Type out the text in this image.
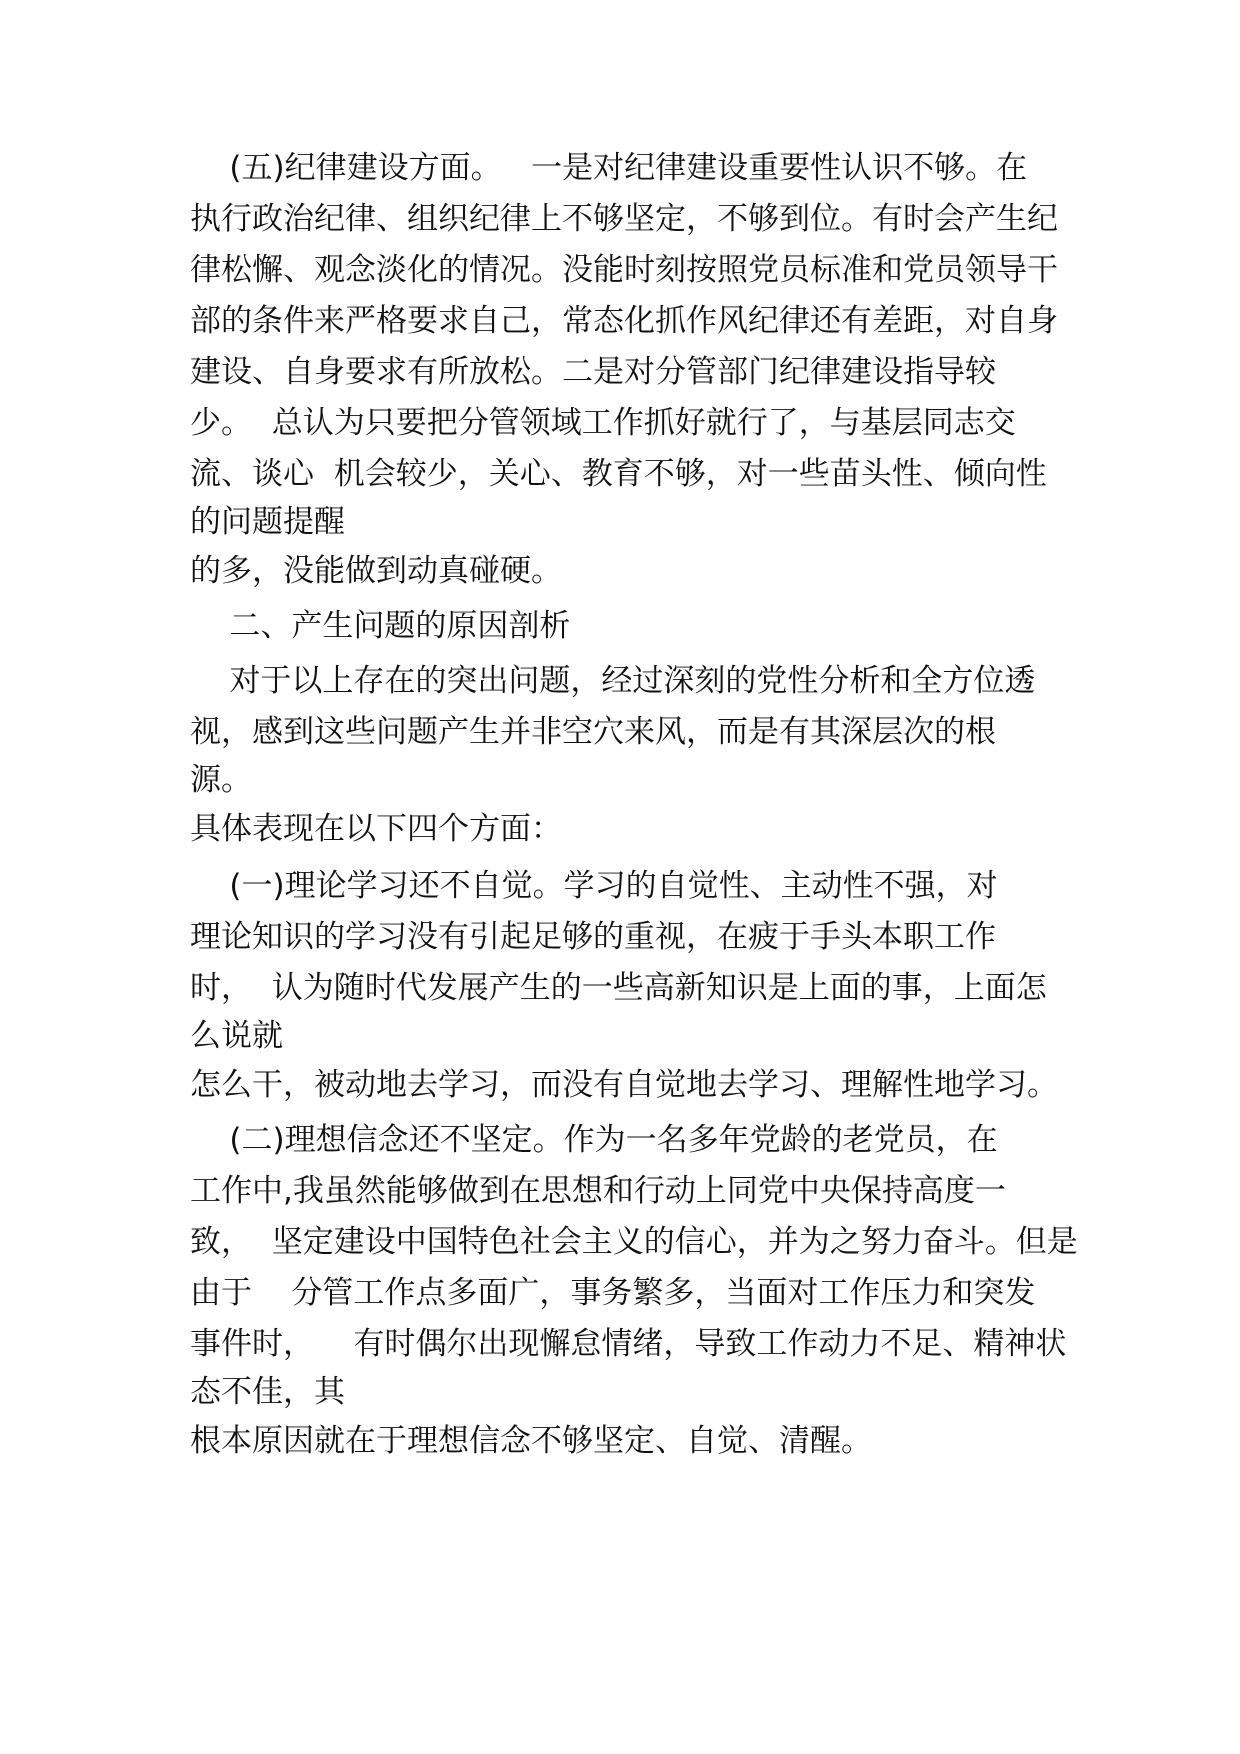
(五)纪律建设方面。   一是对纪律建设重要性认识不够。在

执行政治纪律、组织纪律上不够坚定，不够到位。有时会产生纪

律松懈、观念淡化的情况。没能时刻按照党员标准和党员领导干

部的条件来严格要求自己，常态化抓作风纪律还有差距，对自身

建设、自身要求有所放松。二是对分管部门纪律建设指导较

少。  总认为只要把分管领域工作抓好就行了，与基层同志交

流、谈心  机会较少，关心、教育不够，对一些苗头性、倾向性

的问题提醒

的多，没能做到动真碰硬。

二、产生问题的原因剖析

对于以上存在的突出问题，经过深刻的党性分析和全方位透

视，感到这些问题产生并非空穴来风，而是有其深层次的根

源。

具体表现在以下四个方面：

(一)理论学习还不自觉。学习的自觉性、主动性不强，对

理论知识的学习没有引起足够的重视，在疲于手头本职工作

时，  认为随时代发展产生的一些高新知识是上面的事，上面怎

么说就

怎么干，被动地去学习，而没有自觉地去学习、理解性地学习。

(二)理想信念还不坚定。作为一名多年党龄的老党员，在

工作中,我虽然能够做到在思想和行动上同党中央保持高度一

致，  坚定建设中国特色社会主义的信心，并为之努力奋斗。但是

由于    分管工作点多面广，事务繁多，当面对工作压力和突发

事件时，    有时偶尔出现懈怠情绪，导致工作动力不足、精神状

态不佳，其

根本原因就在于理想信念不够坚定、自觉、清醒。
